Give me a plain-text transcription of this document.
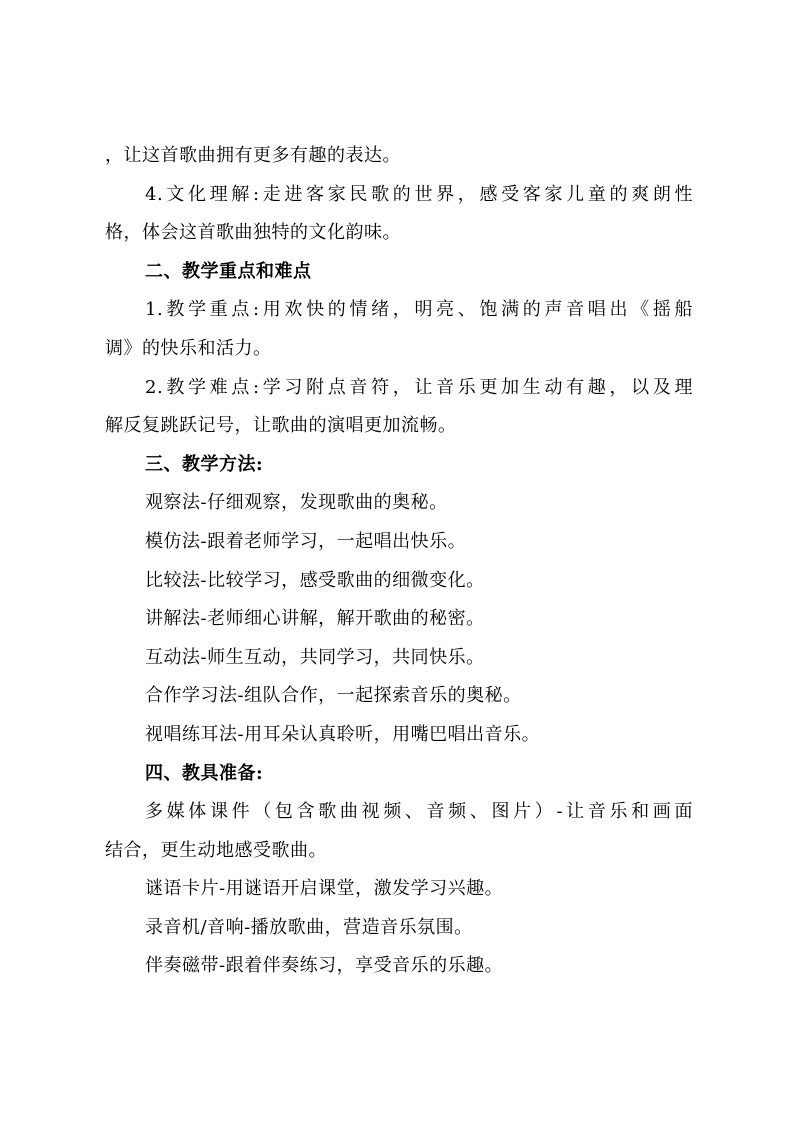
，让这首歌曲拥有更多有趣的表达。
4.文化理解:走进客家民歌的世界，感受客家儿童的爽朗性
格，体会这首歌曲独特的文化韵味。
二、教学重点和难点
1.教学重点:用欢快的情绪，明亮、饱满的声音唱出《摇船
调》的快乐和活力。
2.教学难点:学习附点音符，让音乐更加生动有趣，以及理
解反复跳跃记号，让歌曲的演唱更加流畅。
三、教学方法:
观察法-仔细观察，发现歌曲的奥秘。
模仿法-跟着老师学习，一起唱出快乐。
比较法-比较学习，感受歌曲的细微变化。
讲解法-老师细心讲解，解开歌曲的秘密。
互动法-师生互动，共同学习，共同快乐。
合作学习法-组队合作，一起探索音乐的奥秘。
视唱练耳法-用耳朵认真聆听，用嘴巴唱出音乐。
四、教具准备:
多媒体课件（包含歌曲视频、音频、图片）-让音乐和画面
结合，更生动地感受歌曲。
谜语卡片-用谜语开启课堂，激发学习兴趣。
录音机/音响-播放歌曲，营造音乐氛围。
伴奏磁带-跟着伴奏练习，享受音乐的乐趣。
